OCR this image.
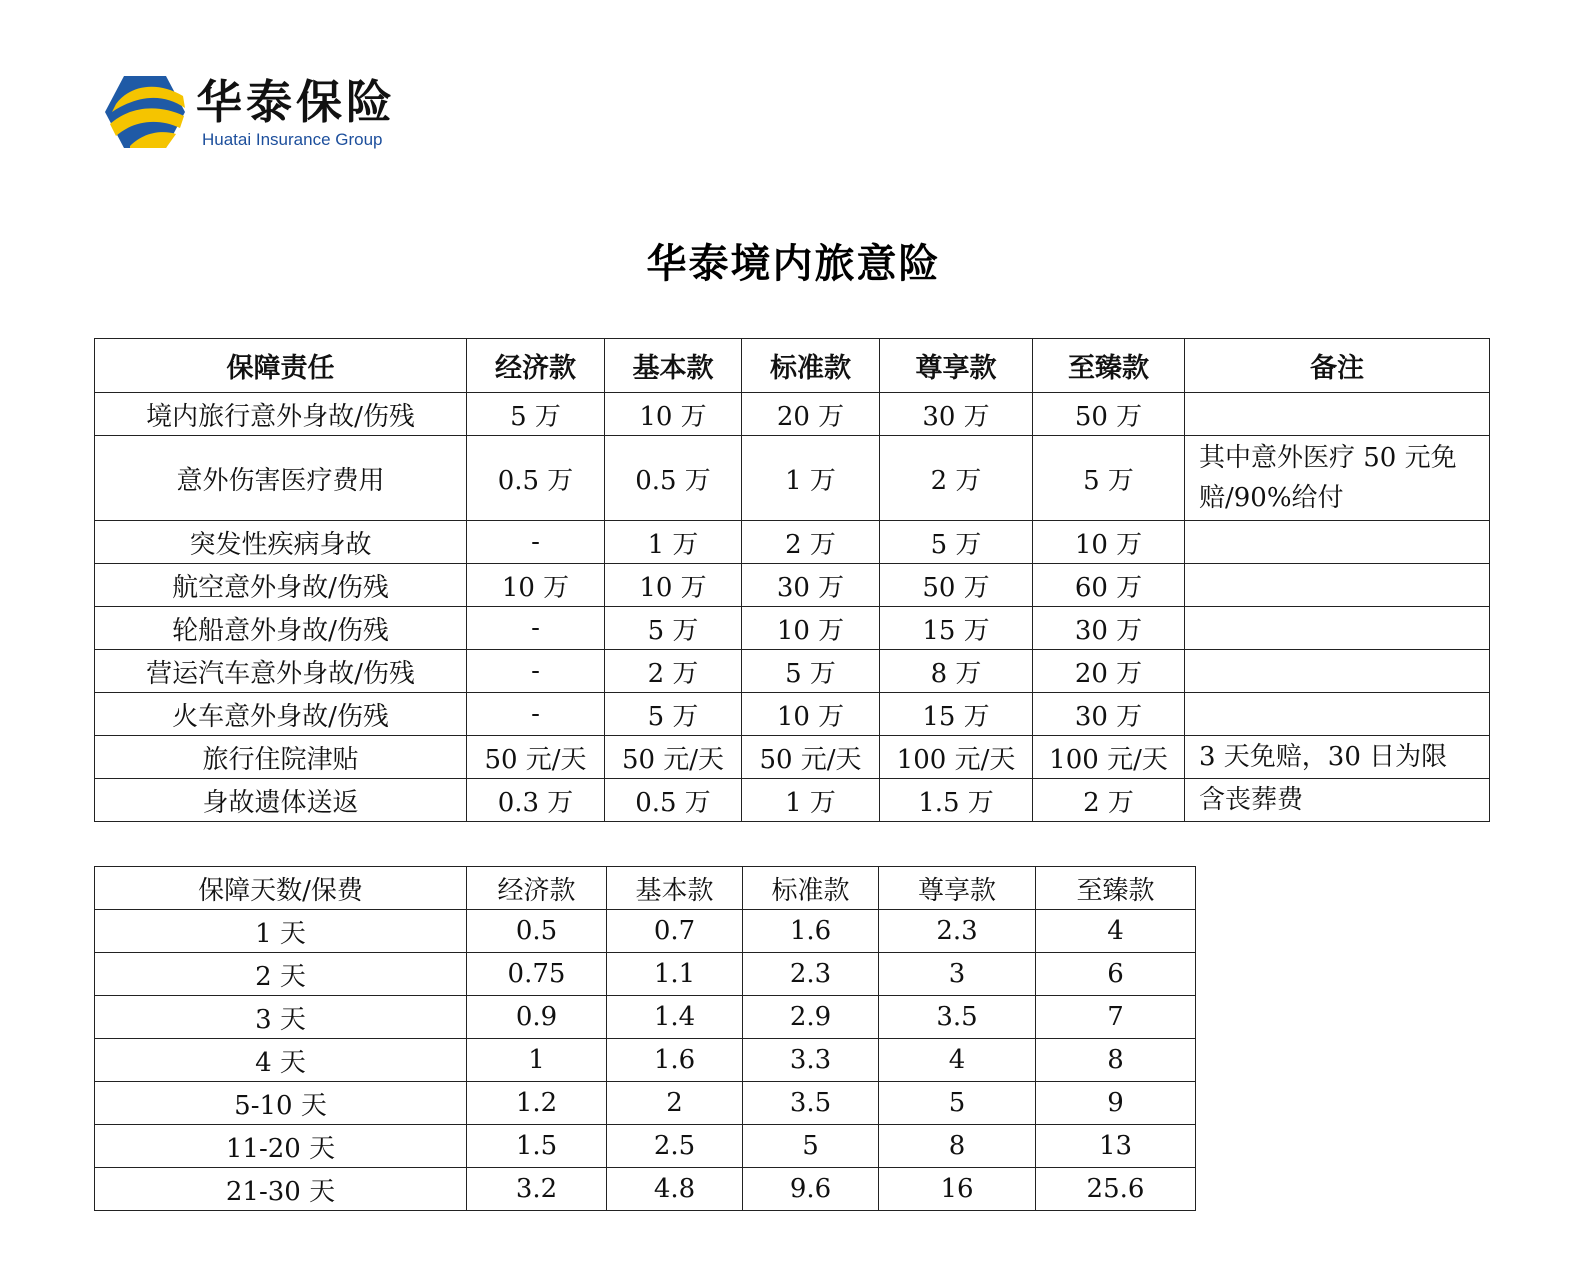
华泰保险
Huatai Insurance Group
华泰境内旅意险
保障责任	经济款	基本款	标准款	尊享款	至臻款	备注
境内旅行意外身故/伤残	5 万	10 万	20 万	30 万	50 万	
意外伤害医疗费用	0.5 万	0.5 万	1 万	2 万	5 万	其中意外医疗 50 元免赔/90%给付
突发性疾病身故	-	1 万	2 万	5 万	10 万	
航空意外身故/伤残	10 万	10 万	30 万	50 万	60 万	
轮船意外身故/伤残	-	5 万	10 万	15 万	30 万	
营运汽车意外身故/伤残	-	2 万	5 万	8 万	20 万	
火车意外身故/伤残	-	5 万	10 万	15 万	30 万	
旅行住院津贴	50 元/天	50 元/天	50 元/天	100 元/天	100 元/天	3 天免赔，30 日为限
身故遗体送返	0.3 万	0.5 万	1 万	1.5 万	2 万	含丧葬费
保障天数/保费	经济款	基本款	标准款	尊享款	至臻款
1 天	0.5	0.7	1.6	2.3	4
2 天	0.75	1.1	2.3	3	6
3 天	0.9	1.4	2.9	3.5	7
4 天	1	1.6	3.3	4	8
5-10 天	1.2	2	3.5	5	9
11-20 天	1.5	2.5	5	8	13
21-30 天	3.2	4.8	9.6	16	25.6
